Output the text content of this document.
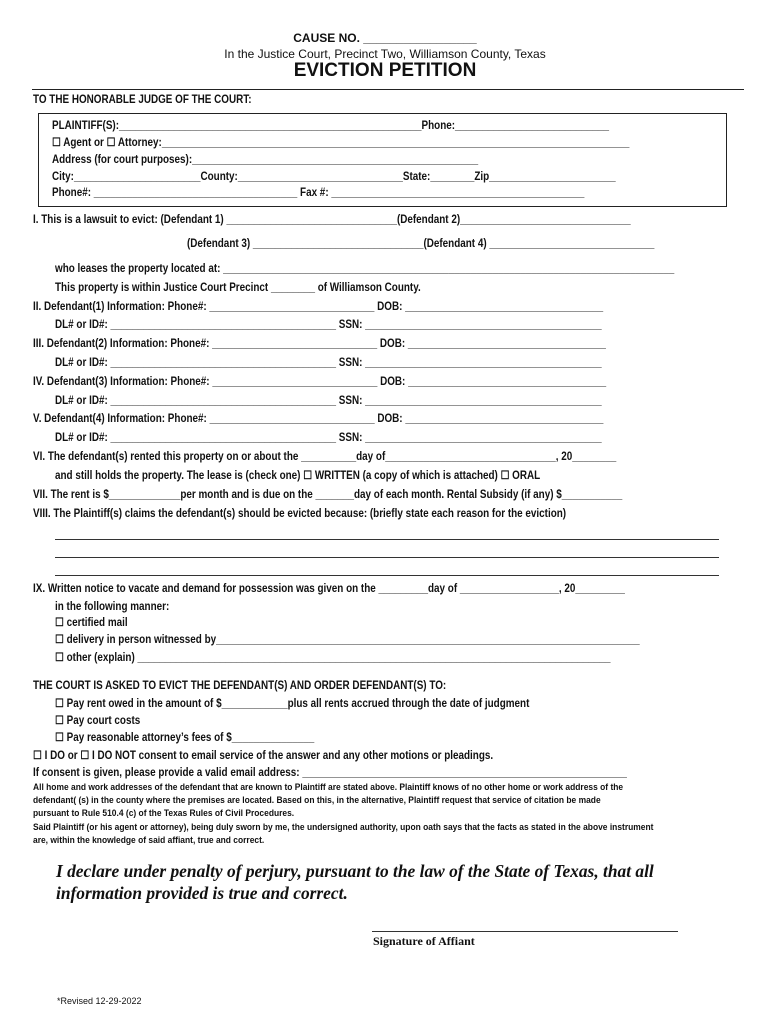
CAUSE NO. _________________
In the Justice Court, Precinct Two, Williamson County, Texas
EVICTION PETITION
TO THE HONORABLE JUDGE OF THE COURT:
PLAINTIFF(S):_______________________________________________________Phone:____________________________
☐ Agent or ☐ Attorney:_____________________________________________________________________________________
Address (for court purposes):____________________________________________________
City:_______________________County:______________________________State:________Zip_______________________
Phone#: _____________________________________ Fax #: ______________________________________________
I. This is a lawsuit to evict: (Defendant 1) _______________________________(Defendant 2)_______________________________
(Defendant 3) _______________________________(Defendant 4) ______________________________
who leases the property located at: __________________________________________________________________________________
This property is within Justice Court Precinct ________ of Williamson County.
II. Defendant(1) Information: Phone#: ______________________________ DOB: ____________________________________
DL# or ID#: _________________________________________ SSN: ___________________________________________
III. Defendant(2) Information: Phone#: ______________________________ DOB: ____________________________________
DL# or ID#: _________________________________________ SSN: ___________________________________________
IV. Defendant(3) Information: Phone#: ______________________________ DOB: ____________________________________
DL# or ID#: _________________________________________ SSN: ___________________________________________
V. Defendant(4) Information: Phone#: ______________________________ DOB: ____________________________________
DL# or ID#: _________________________________________ SSN: ___________________________________________
VI. The defendant(s) rented this property on or about the __________day of_______________________________, 20________
and still holds the property. The lease is (check one) ☐ WRITTEN (a copy of which is attached) ☐ ORAL
VII. The rent is $_____________per month and is due on the _______day of each month. Rental Subsidy (if any) $___________
VIII. The Plaintiff(s) claims the defendant(s) should be evicted because: (briefly state each reason for the eviction)
IX. Written notice to vacate and demand for possession was given on the _________day of __________________, 20_________
in the following manner:
☐ certified mail
☐ delivery in person witnessed by_____________________________________________________________________________
☐ other (explain) ______________________________________________________________________________________
THE COURT IS ASKED TO EVICT THE DEFENDANT(S) AND ORDER DEFENDANT(S) TO:
☐ Pay rent owed in the amount of $____________plus all rents accrued through the date of judgment
☐ Pay court costs
☐ Pay reasonable attorney’s fees of $_______________
☐ I DO or ☐ I DO NOT consent to email service of the answer and any other motions or pleadings.
If consent is given, please provide a valid email address: ___________________________________________________________
All home and work addresses of the defendant that are known to Plaintiff are stated above. Plaintiff knows of no other home or work address of the
defendant( (s) in the county where the premises are located. Based on this, in the alternative, Plaintiff request that service of citation be made
pursuant to Rule 510.4 (c) of the Texas Rules of Civil Procedures.
Said Plaintiff (or his agent or attorney), being duly sworn by me, the undersigned authority, upon oath says that the facts as stated in the above instrument
are, within the knowledge of said affiant, true and correct.
I declare under penalty of perjury, pursuant to the law of the State of Texas, that all information provided is true and correct.
Signature of Affiant
*Revised 12-29-2022
